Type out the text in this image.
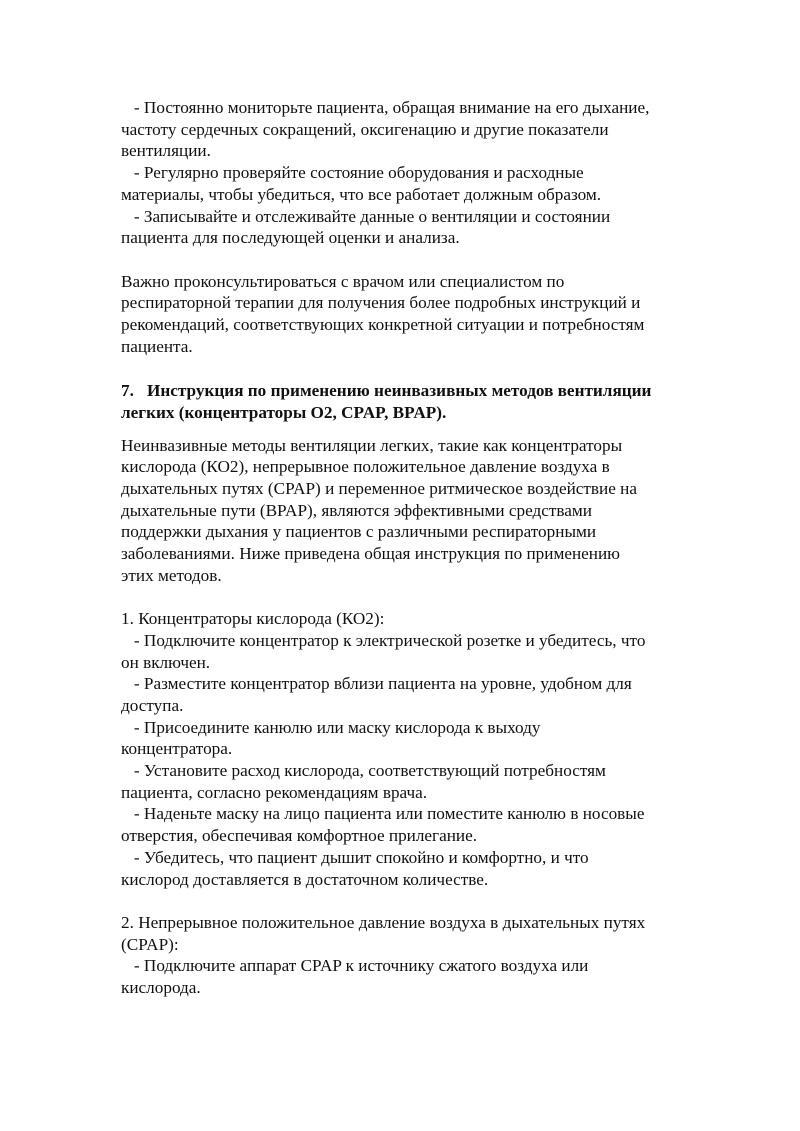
- Постоянно мониторьте пациента, обращая внимание на его дыхание,
частоту сердечных сокращений, оксигенацию и другие показатели
вентиляции.
- Регулярно проверяйте состояние оборудования и расходные
материалы, чтобы убедиться, что все работает должным образом.
- Записывайте и отслеживайте данные о вентиляции и состоянии
пациента для последующей оценки и анализа.
Важно проконсультироваться с врачом или специалистом по
респираторной терапии для получения более подробных инструкций и
рекомендаций, соответствующих конкретной ситуации и потребностям
пациента.
7. Инструкция по применению неинвазивных методов вентиляции
легких (концентраторы О2, CPAP, BPAP).
Неинвазивные методы вентиляции легких, такие как концентраторы
кислорода (КО2), непрерывное положительное давление воздуха в
дыхательных путях (CPAP) и переменное ритмическое воздействие на
дыхательные пути (BPAP), являются эффективными средствами
поддержки дыхания у пациентов с различными респираторными
заболеваниями. Ниже приведена общая инструкция по применению
этих методов.
1. Концентраторы кислорода (КО2):
- Подключите концентратор к электрической розетке и убедитесь, что
он включен.
- Разместите концентратор вблизи пациента на уровне, удобном для
доступа.
- Присоедините канюлю или маску кислорода к выходу
концентратора.
- Установите расход кислорода, соответствующий потребностям
пациента, согласно рекомендациям врача.
- Наденьте маску на лицо пациента или поместите канюлю в носовые
отверстия, обеспечивая комфортное прилегание.
- Убедитесь, что пациент дышит спокойно и комфортно, и что
кислород доставляется в достаточном количестве.
2. Непрерывное положительное давление воздуха в дыхательных путях
(CPAP):
- Подключите аппарат CPAP к источнику сжатого воздуха или
кислорода.
